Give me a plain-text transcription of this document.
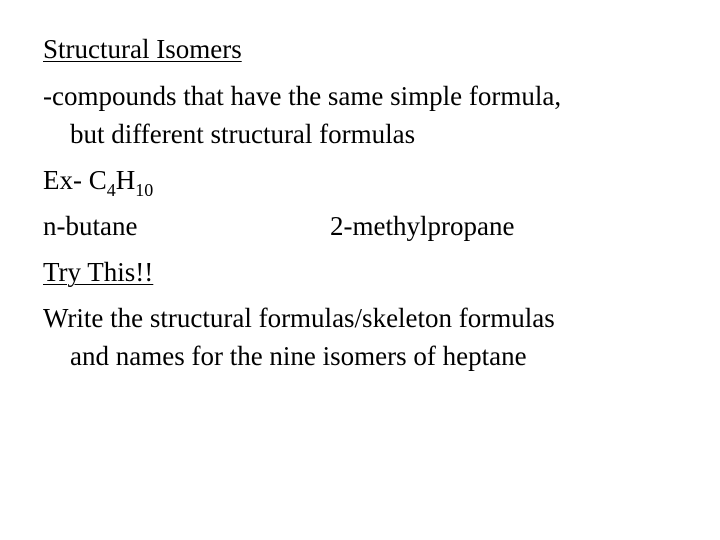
Structural Isomers
-compounds that have the same simple formula,
but different structural formulas
Ex- $C_4H_{10}$
n-butane	2-methylpropane
Try This!!
Write the structural formulas/skeleton formulas
and names for the nine isomers of heptane
